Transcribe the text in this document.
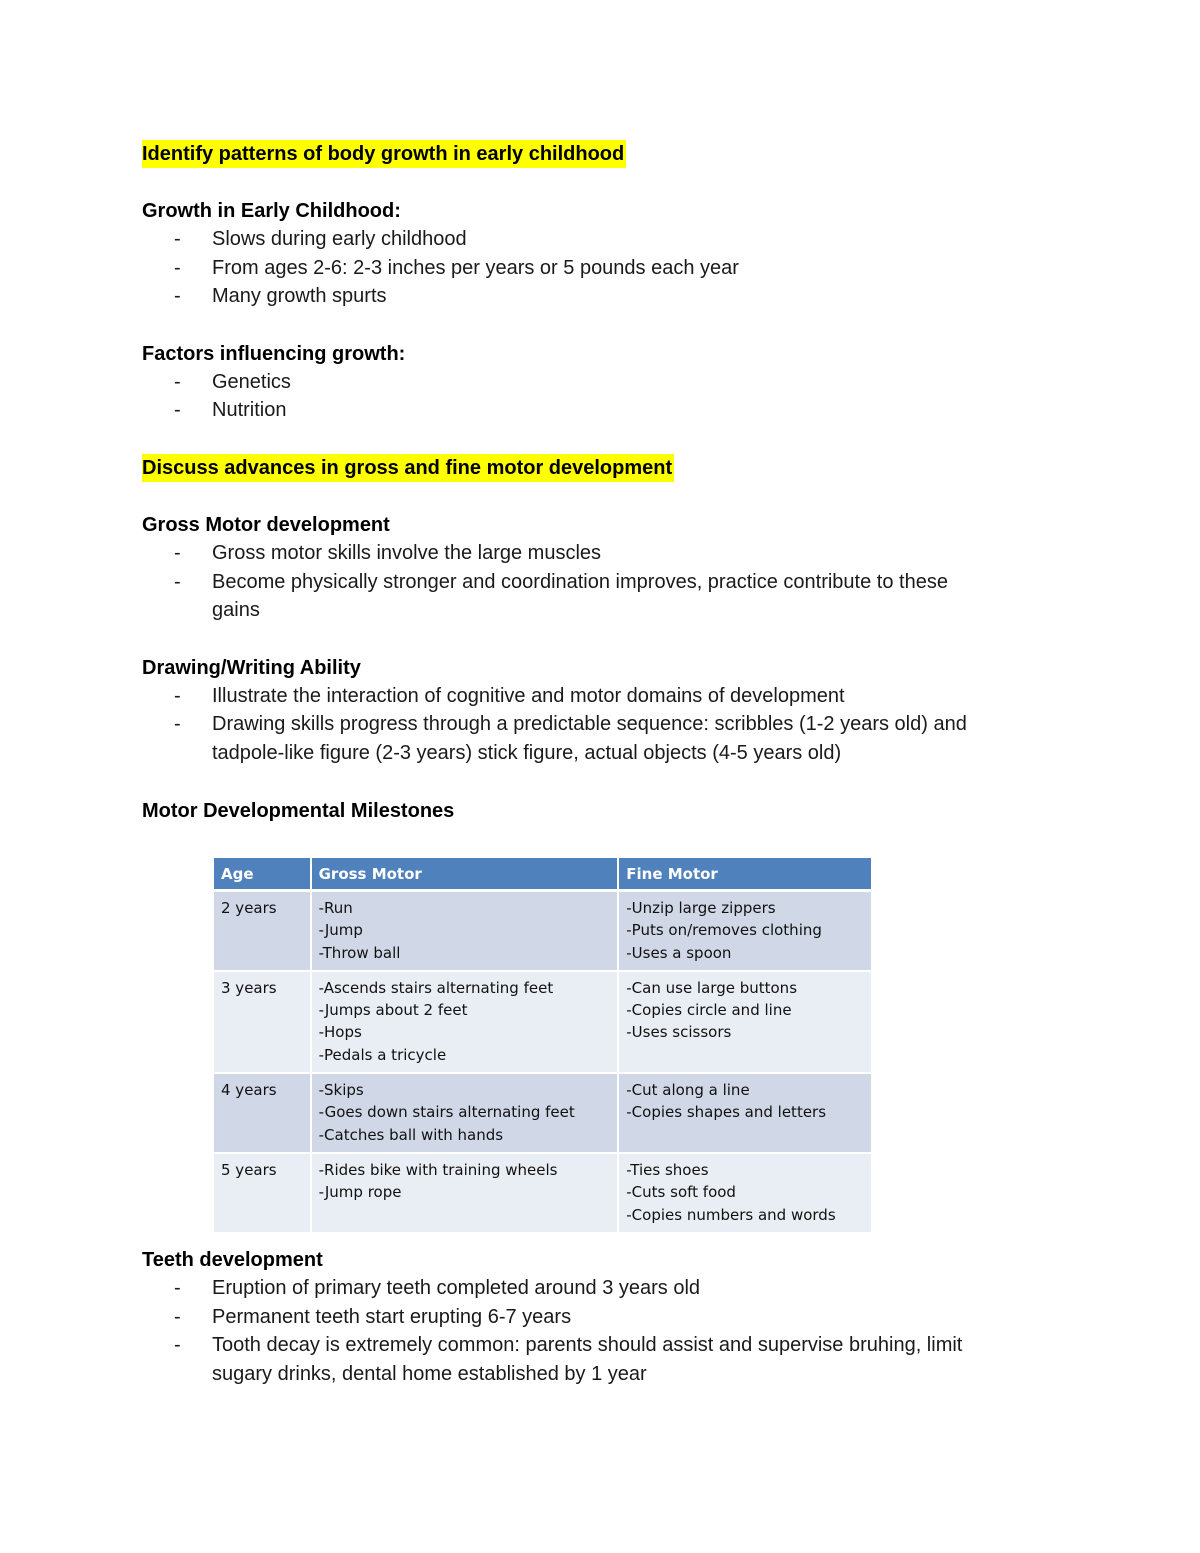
Identify patterns of body growth in early childhood

Growth in Early Childhood:

- Slows during early childhood
- From ages 2-6: 2-3 inches per years or 5 pounds each year
- Many growth spurts

Factors influencing growth:

- Genetics
- Nutrition
Discuss advances in gross and fine motor development

Gross Motor development

- Gross motor skills involve the large muscles
- Become physically stronger and coordination improves, practice contribute to these
gains

Drawing/Writing Ability

- Illustrate the interaction of cognitive and motor domains of development
- Drawing skills progress through a predictable sequence: scribbles (1-2 years old) and
tadpole-like figure (2-3 years) stick figure, actual objects (4-5 years old)

Motor Developmental Milestones

Age	Gross Motor	Fine Motor
2 years	-Run
-Jump
-Throw ball	-Unzip large zippers
-Puts on/removes clothing
-Uses a spoon

3 years	-Ascends stairs alternating feet
-Jumps about 2 feet
-Hops
-Pedals a tricycle	-Can use large buttons
-Copies circle and line
-Uses scissors

4 years	-Skips
-Goes down stairs alternating feet
-Catches ball with hands	-Cut along a line
-Copies shapes and letters

5 years	-Rides bike with training wheels
-Jump rope	-Ties shoes
-Cuts soft food
-Copies numbers and words

Teeth development

- Eruption of primary teeth completed around 3 years old
- Permanent teeth start erupting 6-7 years
- Tooth decay is extremely common: parents should assist and supervise bruhing, limit
sugary drinks, dental home established by 1 year
